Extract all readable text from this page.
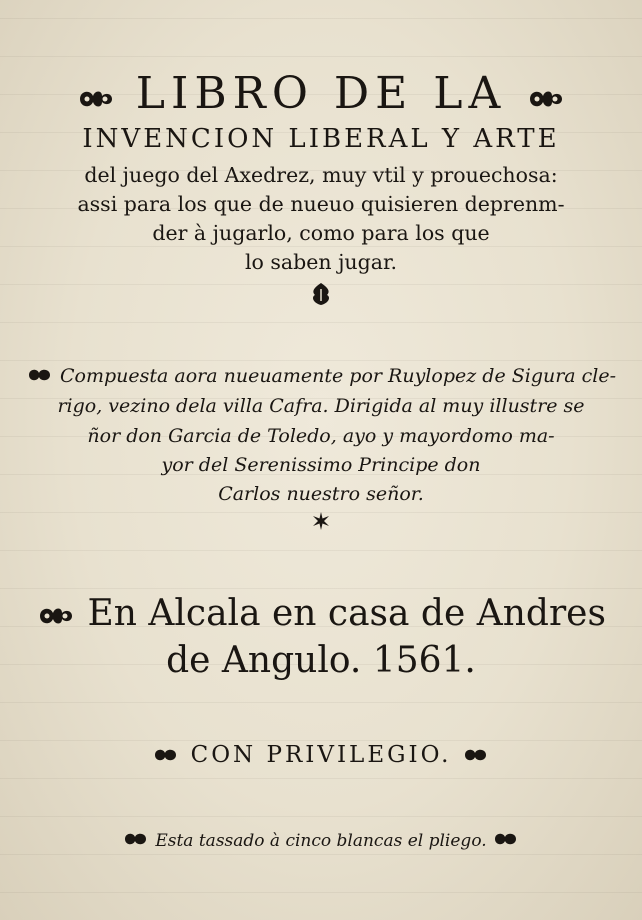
LIBRO DE LA
INVENCION LIBERAL Y ARTE
del juego del Axedrez, muy vtil y prouechosa:
assi para los que de nueuo quisieren deprenm-
der à jugarlo, como para los que
lo saben jugar.
Compuesta aora nueuamente por Ruylopez de Sigura cle-
rigo, vezino dela villa Cafra. Dirigida al muy illustre se
ñor don Garcia de Toledo, ayo y mayordomo ma-
yor del Serenissimo Principe don
Carlos nuestro señor.
En Alcala en casa de Andres
de Angulo. 1561.
CON PRIVILEGIO.
Esta tassado à cinco blancas el pliego.
